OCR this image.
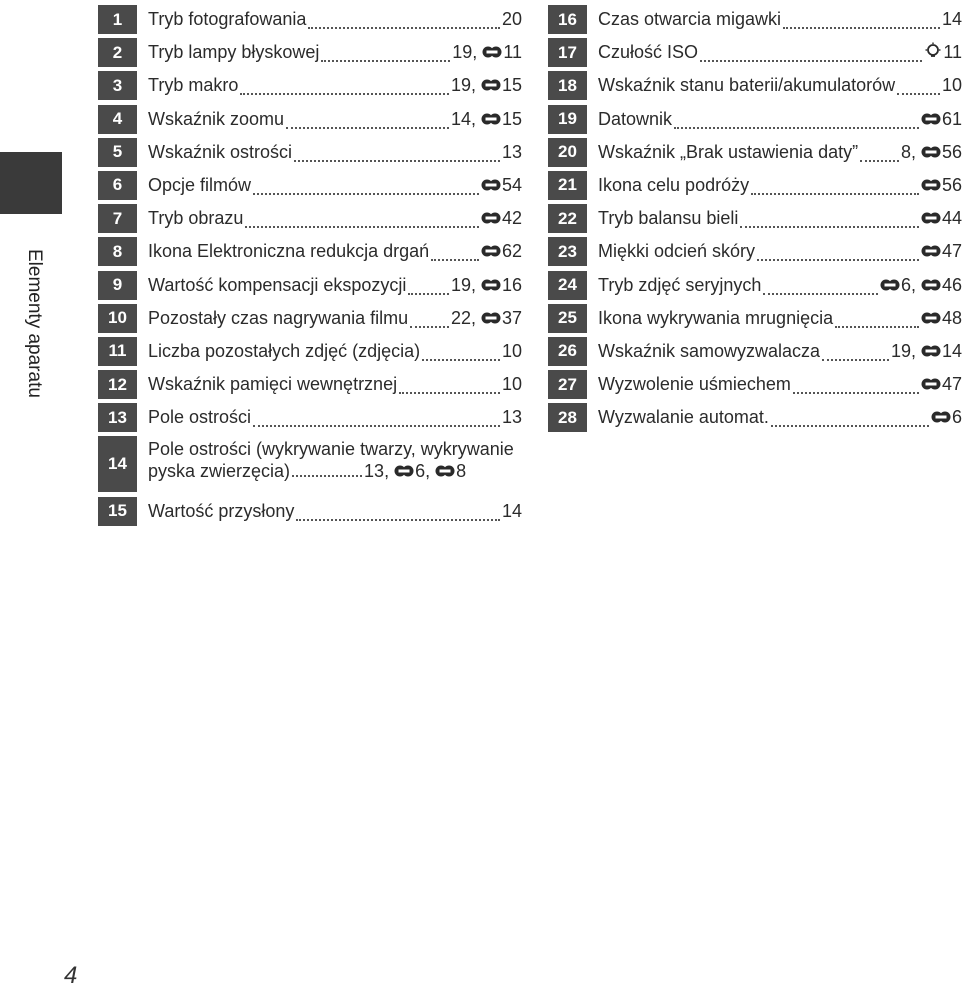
Elementy aparatu
1	Tryb fotografowania	20
2	Tryb lampy błyskowej	19, 11
3	Tryb makro	19, 15
4	Wskaźnik zoomu	14, 15
5	Wskaźnik ostrości	13
6	Opcje filmów	54
7	Tryb obrazu	42
8	Ikona Elektroniczna redukcja drgań	62
9	Wartość kompensacji ekspozycji 19, 16
10	Pozostały czas nagrywania filmu 22, 37
11	Liczba pozostałych zdjęć (zdjęcia)	10
12	Wskaźnik pamięci wewnętrznej	10
13	Pole ostrości	13
14
Pole ostrości (wykrywanie twarzy, wykrywanie
pyska zwierzęcia)	13, 6, 8
15	Wartość przysłony	14
16	Czas otwarcia migawki	14
17	Czułość ISO	11
18	Wskaźnik stanu baterii/akumulatorów	10
19	Datownik	61
20	Wskaźnik „Brak ustawienia daty” 8, 56
21	Ikona celu podróży	56
22	Tryb balansu bieli	44
23	Miękki odcień skóry	47
24	Tryb zdjęć seryjnych	6, 46
25	Ikona wykrywania mrugnięcia	48
26	Wskaźnik samowyzwalacza	19, 14
27	Wyzwolenie uśmiechem	47
28	Wyzwalanie automat.	6
4
